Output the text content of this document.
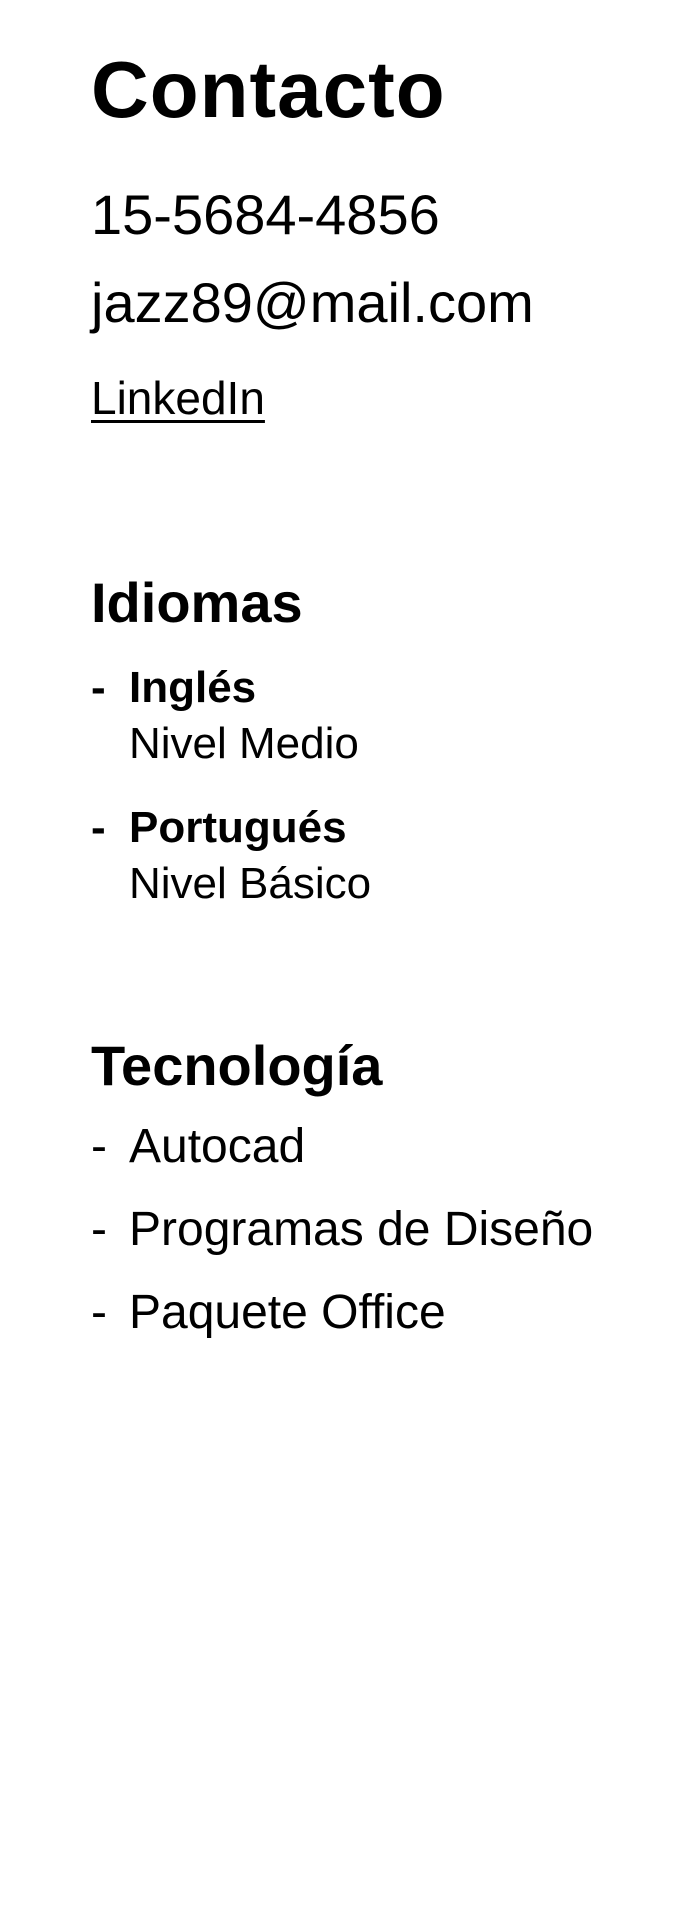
Contacto

15-5684-4856

jazz89@mail.com

LinkedIn
Idiomas
- Inglés
Nivel Medio
- Portugués
Nivel Básico
Tecnología
- Autocad
- Programas de Diseño
- Paquete Office
